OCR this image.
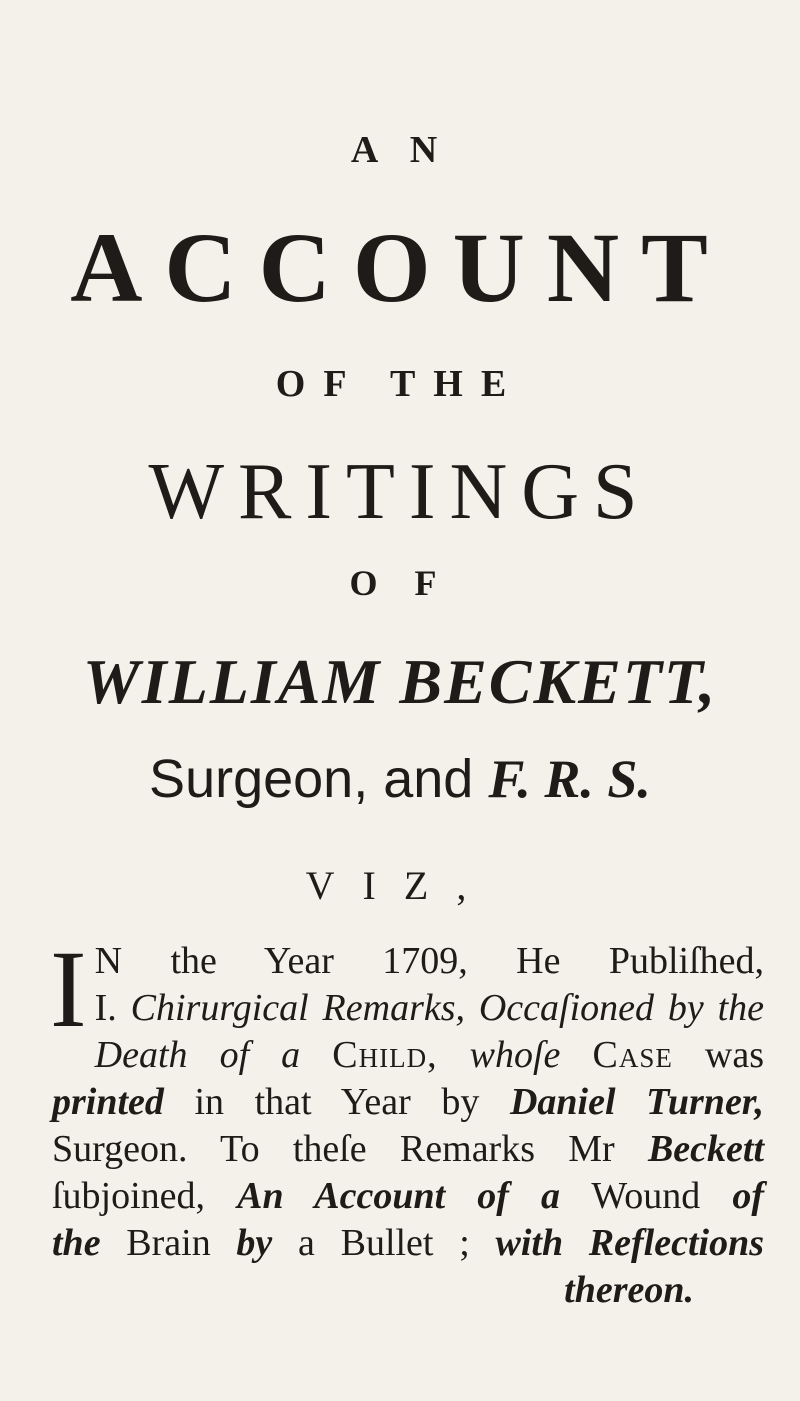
A N

ACCOUNT

OF THE

WRITINGS

O F

WILLIAM BECKETT,

Surgeon, and F. R. S.

VIZ,

I N the Year 1709, He Publiſhed,
I. Chirurgical Remarks, Occaſioned by the
Death of a Child, whoſe Case was
printed in that Year by Daniel Turner,
Surgeon. To theſe Remarks Mr Beckett
ſubjoined, An Account of a Wound of
the Brain by a Bullet ; with Reflections
thereon.
